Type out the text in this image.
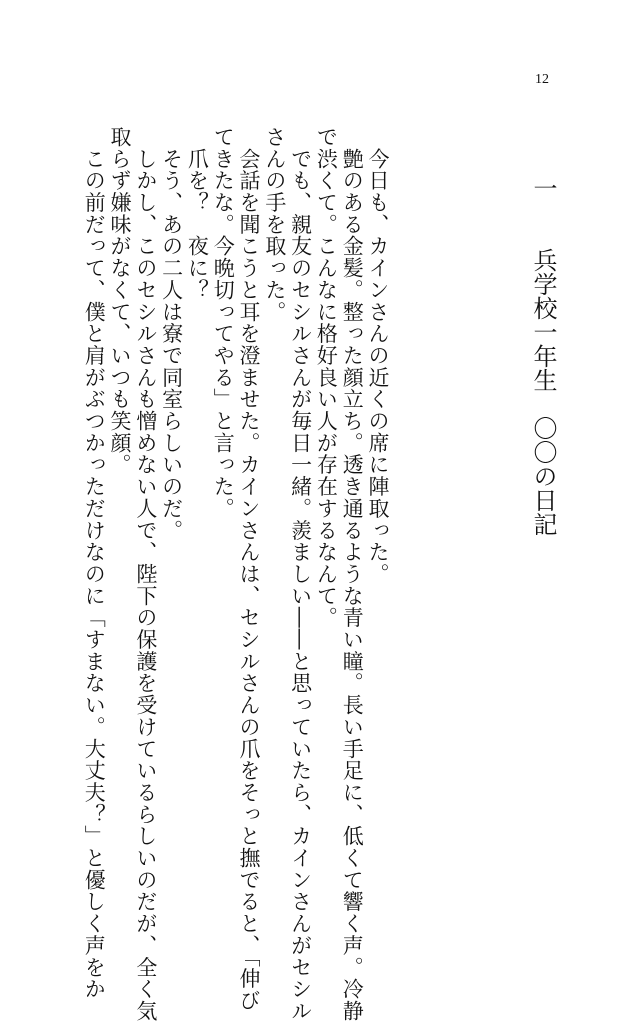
12
一　　兵学校一年生　〇〇の日記
　今日も、カインさんの近くの席に陣取った。
　艶のある金髪。整った顔立ち。透き通るような青い瞳。長い手足に、低くて響く声。冷静
で渋くて。こんなに格好良い人が存在するなんて。
　でも、親友のセシルさんが毎日一緒。羨ましい――と思っていたら、カインさんがセシル
さんの手を取った。
　会話を聞こうと耳を澄ませた。カインさんは、セシルさんの爪をそっと撫でると、「伸び
てきたな。今晩切ってやる」と言った。
　爪を？　夜に？
　そう、あの二人は寮で同室らしいのだ。
　しかし、このセシルさんも憎めない人で、陛下の保護を受けているらしいのだが、全く気
取らず嫌味がなくて、いつも笑顔。
　この前だって、僕と肩がぶつかっただけなのに「すまない。大丈夫？」と優しく声をか
